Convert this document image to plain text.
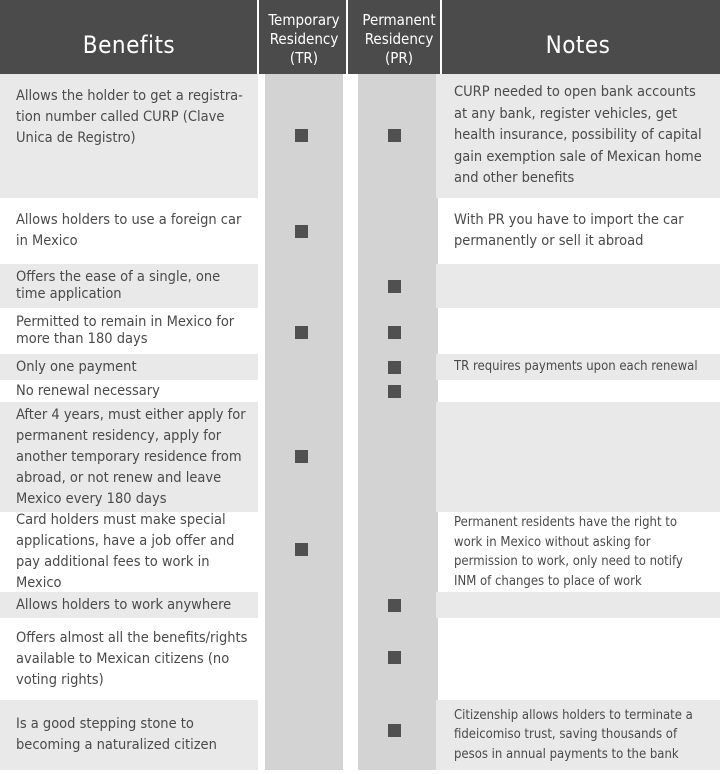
Benefits
Temporary Residency (TR)
Permanent Residency (PR)	Notes
Allows the holder to get a registra-tion number called CURP (Clave Unica de Registro)
CURP needed to open bank accounts at any bank, register vehicles, get health insurance, possibility of capital gain exemption sale of Mexican home and other benefits
Allows holders to use a foreign car in Mexico
With PR you have to import the car permanently or sell it abroad
Offers the ease of a single, one time application
Permitted to remain in Mexico for more than 180 days
Only one payment	TR requires payments upon each renewal
No renewal necessary
After 4 years, must either apply for permanent residency, apply for another temporary residence from abroad, or not renew and leave Mexico every 180 days
Card holders must make special applications, have a job offer and pay additional fees to work in Mexico
Permanent residents have the right to work in Mexico without asking for permission to work, only need to notify INM of changes to place of work
Allows holders to work anywhere
Offers almost all the benefits/rights available to Mexican citizens (no voting rights)
Is a good stepping stone to becoming a naturalized citizen
Citizenship allows holders to terminate a fideicomiso trust, saving thousands of pesos in annual payments to the bank
